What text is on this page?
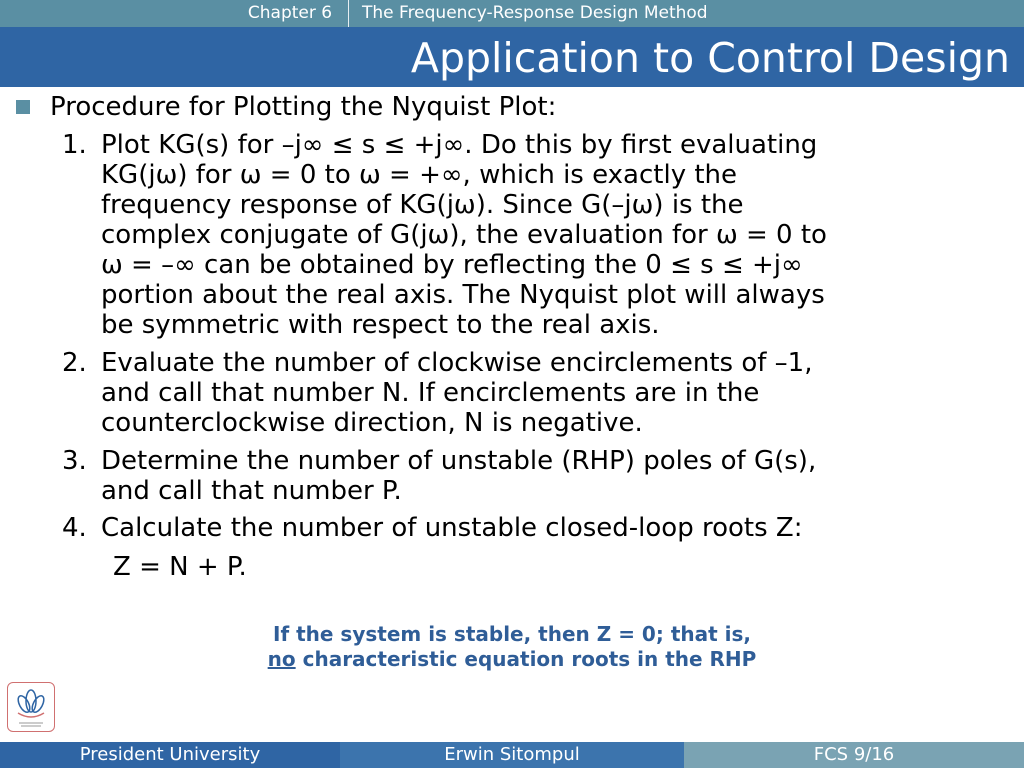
Chapter 6	The Frequency-Response Design Method
Application to Control Design
Procedure for Plotting the Nyquist Plot:
1. Plot KG(s) for –j∞ ≤ s ≤ +j∞. Do this by first evaluating
KG(jω) for ω = 0 to ω = +∞, which is exactly the
frequency response of KG(jω). Since G(–jω) is the
complex conjugate of G(jω), the evaluation for ω = 0 to
ω = –∞ can be obtained by reflecting the 0 ≤ s ≤ +j∞
portion about the real axis. The Nyquist plot will always
be symmetric with respect to the real axis.
2. Evaluate the number of clockwise encirclements of –1,
and call that number N. If encirclements are in the
counterclockwise direction, N is negative.
3. Determine the number of unstable (RHP) poles of G(s),
and call that number P.
4. Calculate the number of unstable closed-loop roots Z:
Z = N + P.
If the system is stable, then Z = 0; that is,
no characteristic equation roots in the RHP
President University	Erwin Sitompul	FCS 9/16
